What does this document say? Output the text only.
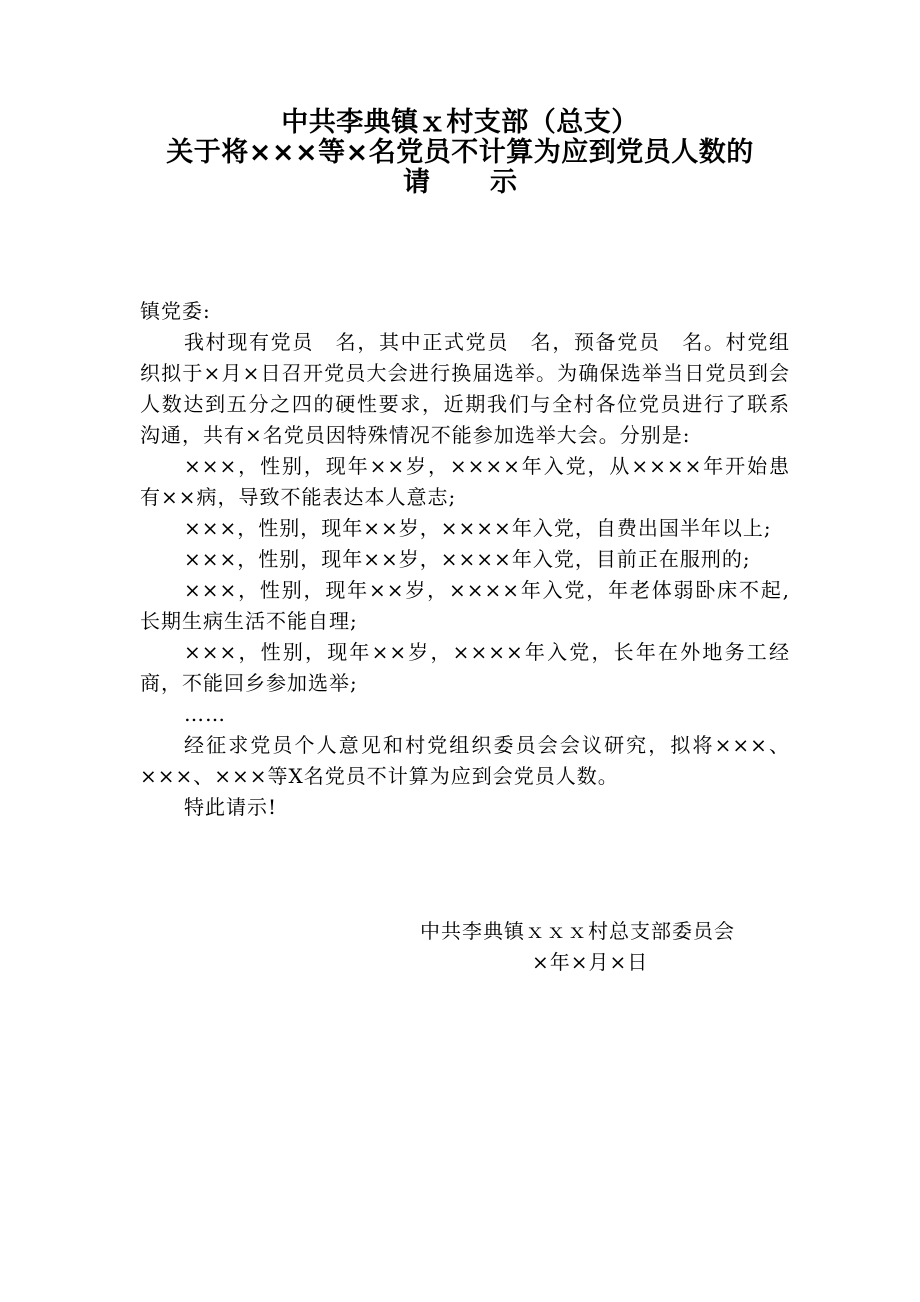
中共李典镇ｘ村支部（总支）
关于将×××等×名党员不计算为应到党员人数的
请示

镇党委:

我村现有党员　名，其中正式党员　名，预备党员　名。村党组织拟于×月×日召开党员大会进行换届选举。为确保选举当日党员到会人数达到五分之四的硬性要求，近期我们与全村各位党员进行了联系沟通，共有×名党员因特殊情况不能参加选举大会。分别是:

×××，性别，现年××岁，××××年入党，从××××年开始患有××病，导致不能表达本人意志;

×××，性别，现年××岁，××××年入党，自费出国半年以上;

×××，性别，现年××岁，××××年入党，目前正在服刑的;

×××，性别，现年××岁，××××年入党，年老体弱卧床不起,长期生病生活不能自理;

×××，性别，现年××岁，××××年入党，长年在外地务工经商，不能回乡参加选举;

……

经征求党员个人意见和村党组织委员会会议研究，拟将×××、×××、×××等X名党员不计算为应到会党员人数。

特此请示!

中共李典镇ｘｘｘ村总支部委员会
×年×月×日
